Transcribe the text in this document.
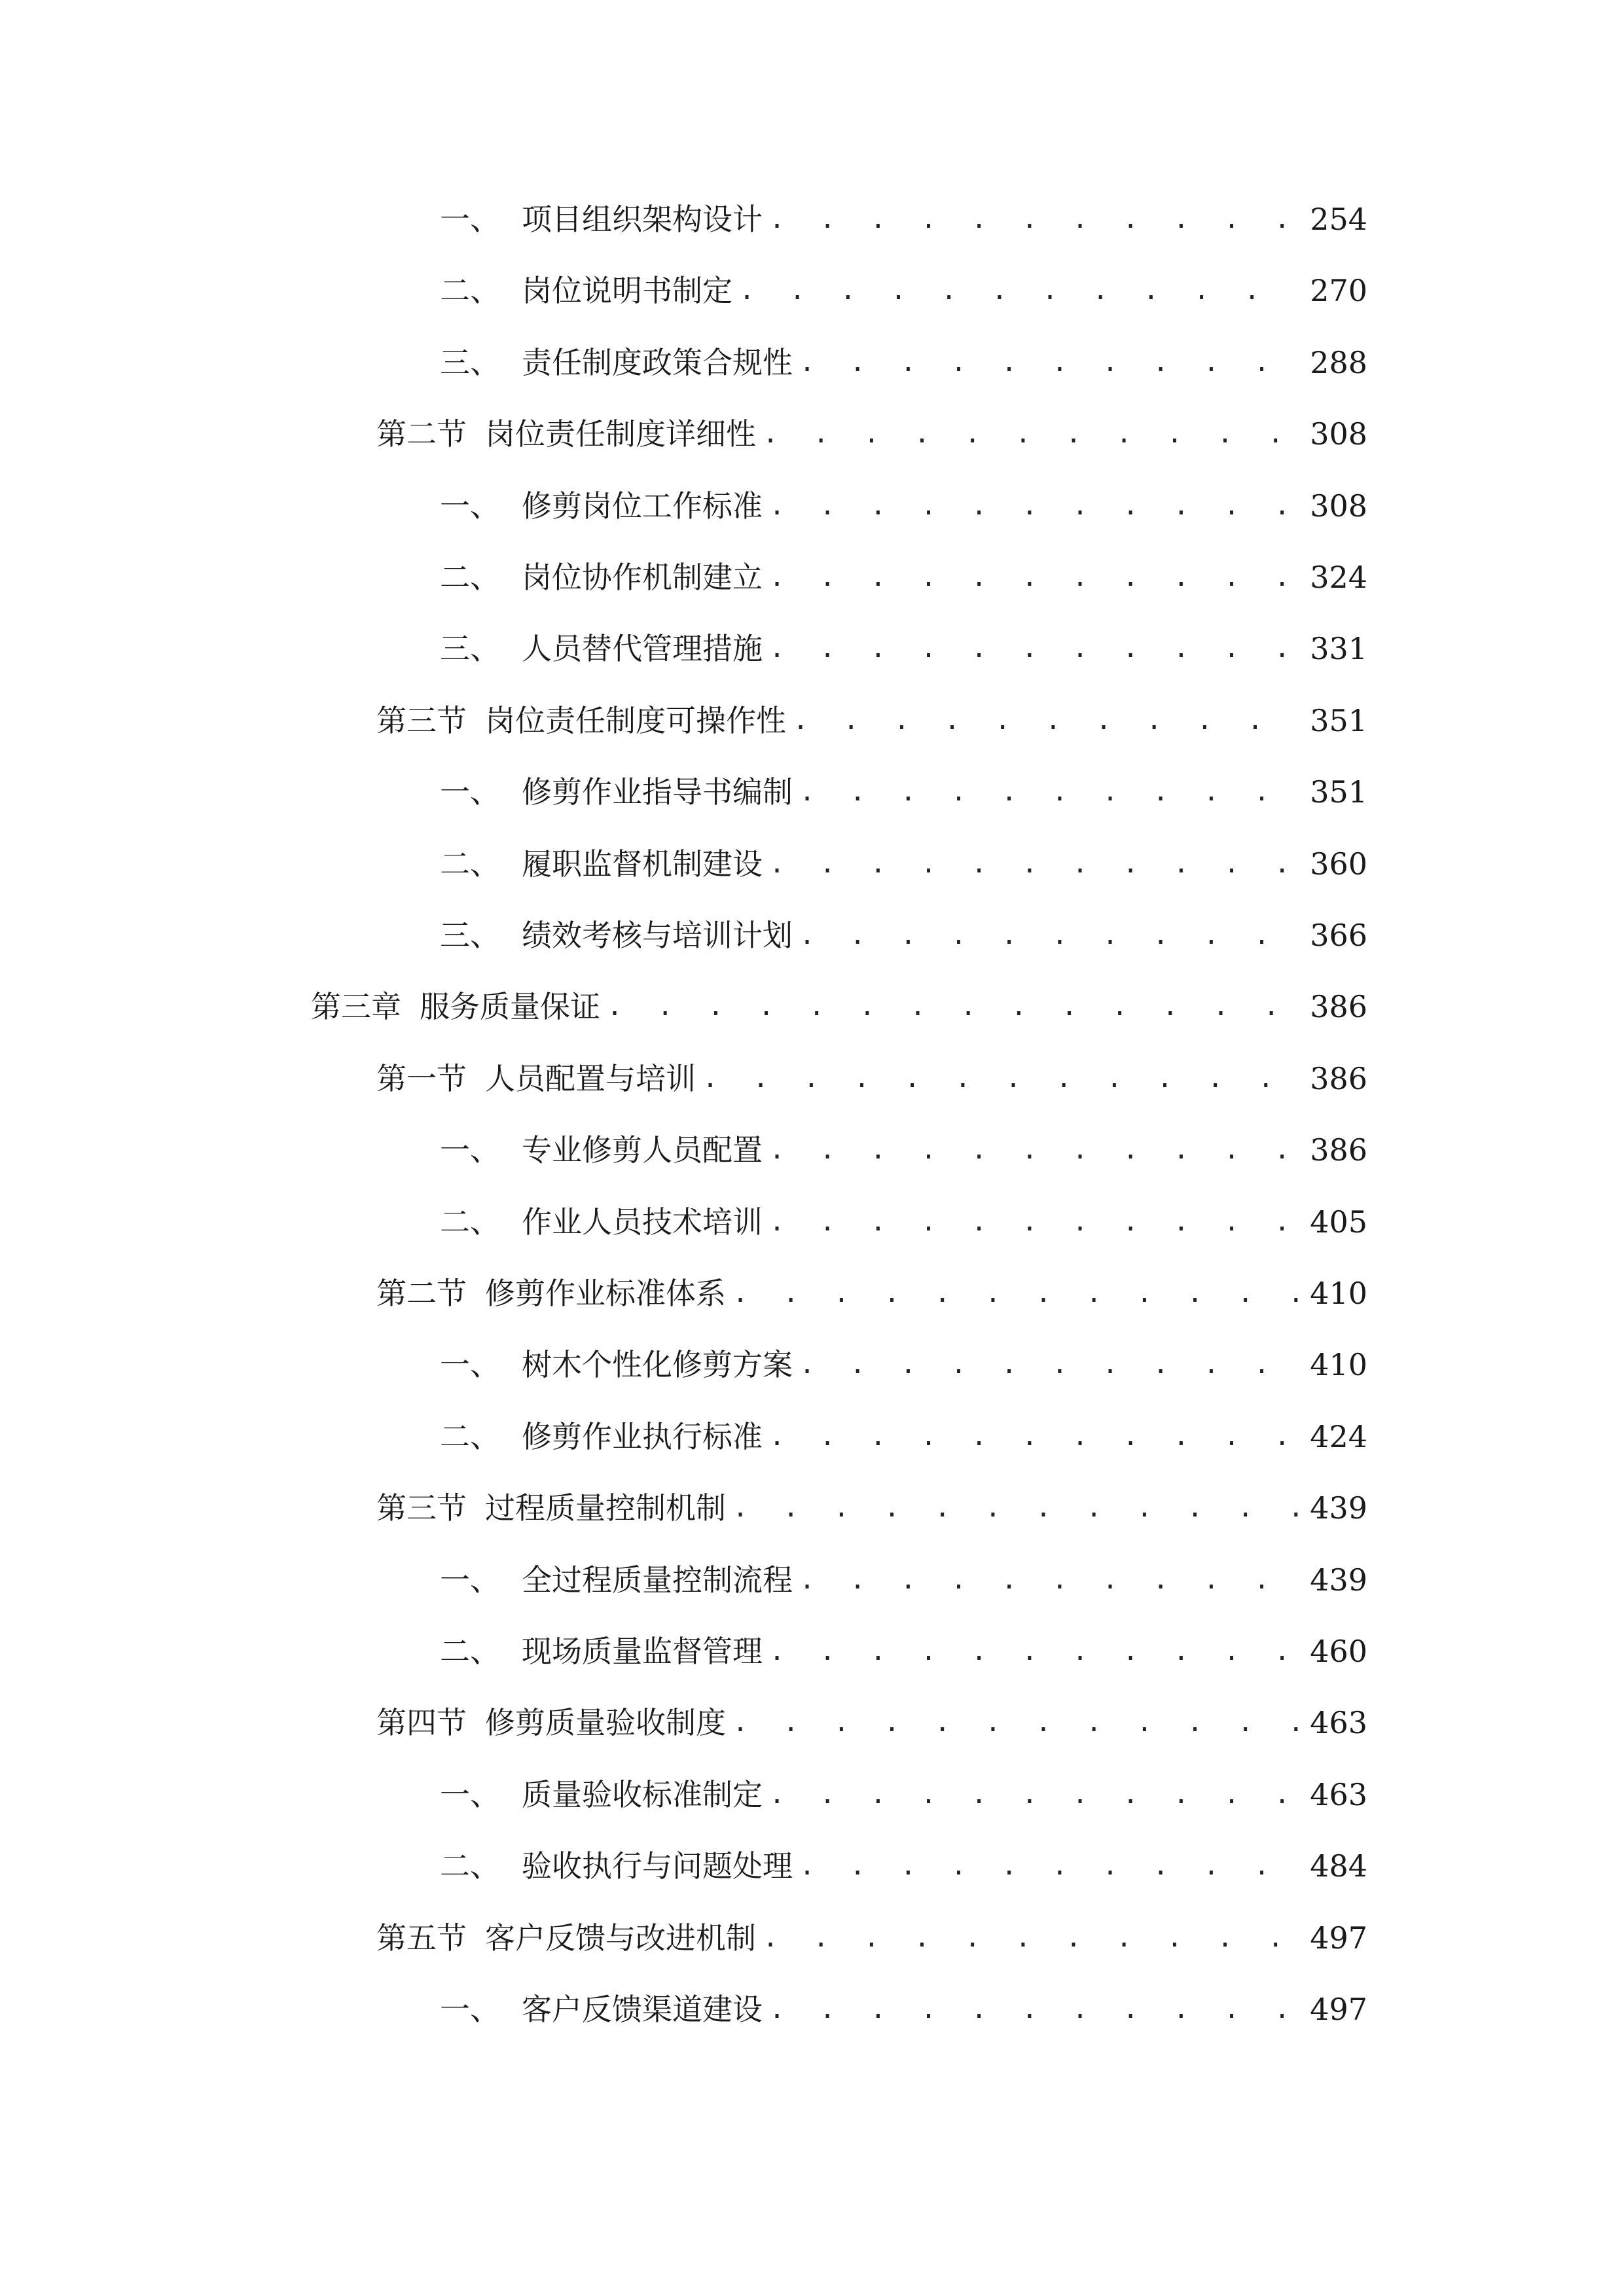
一、 项目组织架构设计 . . .	254
二、 岗位说明书制定 . . .	270
三、 责任制度政策合规性 . . .	288
第二节 岗位责任制度详细性 . . .	308
一、 修剪岗位工作标准 . . .	308
二、 岗位协作机制建立 . . .	324
三、 人员替代管理措施 . . .	331
第三节 岗位责任制度可操作性 . . .	351
一、 修剪作业指导书编制 . . .	351
二、 履职监督机制建设 . . .	360
三、 绩效考核与培训计划 . . .	366
第三章 服务质量保证 . . .	386
第一节 人员配置与培训 . . .	386
一、 专业修剪人员配置 . . .	386
二、 作业人员技术培训 . . .	405
第二节 修剪作业标准体系 . . .	410
一、 树木个性化修剪方案 . . .	410
二、 修剪作业执行标准 . . .	424
第三节 过程质量控制机制 . . .	439
一、 全过程质量控制流程 . . .	439
二、 现场质量监督管理 . . .	460
第四节 修剪质量验收制度 . . .	463
一、 质量验收标准制定 . . .	463
二、 验收执行与问题处理 . . .	484
第五节 客户反馈与改进机制 . . .	497
一、 客户反馈渠道建设 . . .	497
